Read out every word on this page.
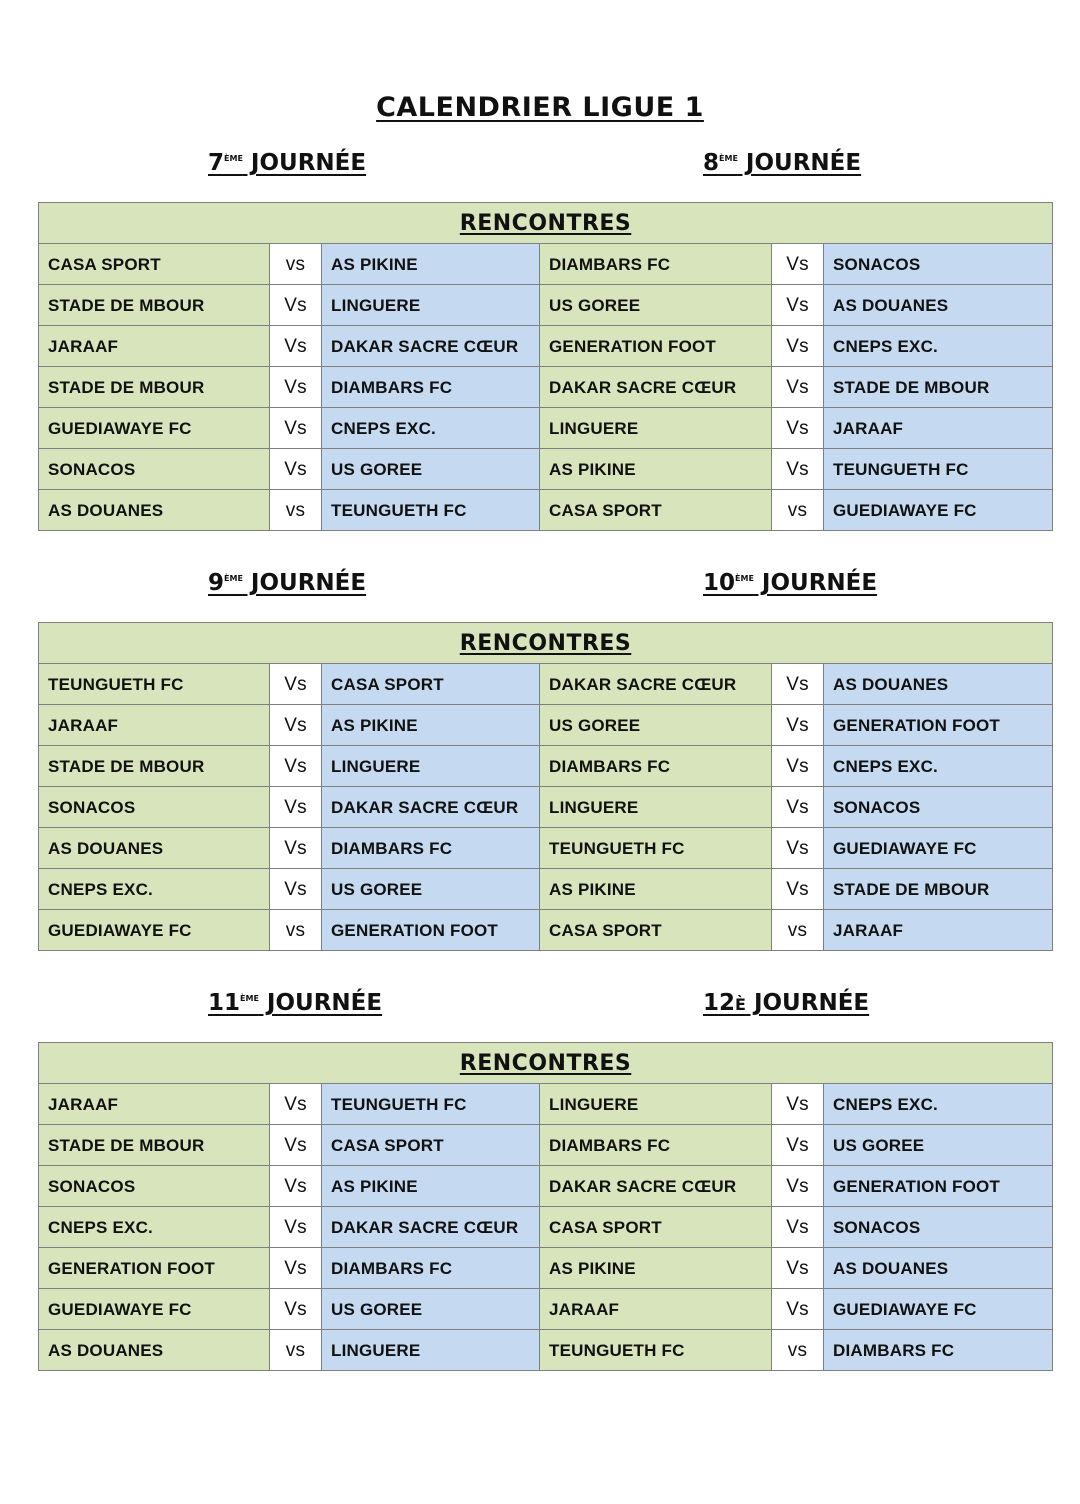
CALENDRIER LIGUE 1
7ème JOURNÉE	8ème JOURNÉE
RENCONTRES					
CASA SPORT	vs	AS PIKINE	DIAMBARS FC	Vs	SONACOS
STADE DE MBOUR	Vs	LINGUERE	US GOREE	Vs	AS DOUANES
JARAAF	Vs	DAKAR SACRE CŒUR	GENERATION FOOT	Vs	CNEPS EXC.
STADE DE MBOUR	Vs	DIAMBARS FC	DAKAR SACRE CŒUR	Vs	STADE DE MBOUR
GUEDIAWAYE FC	Vs	CNEPS EXC.	LINGUERE	Vs	JARAAF
SONACOS	Vs	US GOREE	AS PIKINE	Vs	TEUNGUETH FC
AS DOUANES	vs	TEUNGUETH FC	CASA SPORT	vs	GUEDIAWAYE FC
9ème JOURNÉE	10ème JOURNÉE
RENCONTRES					
TEUNGUETH FC	Vs	CASA SPORT	DAKAR SACRE CŒUR	Vs	AS DOUANES
JARAAF	Vs	AS PIKINE	US GOREE	Vs	GENERATION FOOT
STADE DE MBOUR	Vs	LINGUERE	DIAMBARS FC	Vs	CNEPS EXC.
SONACOS	Vs	DAKAR SACRE CŒUR	LINGUERE	Vs	SONACOS
AS DOUANES	Vs	DIAMBARS FC	TEUNGUETH FC	Vs	GUEDIAWAYE FC
CNEPS EXC.	Vs	US GOREE	AS PIKINE	Vs	STADE DE MBOUR
GUEDIAWAYE FC	vs	GENERATION FOOT	CASA SPORT	vs	JARAAF
11ème JOURNÉE	12è JOURNÉE
RENCONTRES					
JARAAF	Vs	TEUNGUETH FC	LINGUERE	Vs	CNEPS EXC.
STADE DE MBOUR	Vs	CASA SPORT	DIAMBARS FC	Vs	US GOREE
SONACOS	Vs	AS PIKINE	DAKAR SACRE CŒUR	Vs	GENERATION FOOT
CNEPS EXC.	Vs	DAKAR SACRE CŒUR	CASA SPORT	Vs	SONACOS
GENERATION FOOT	Vs	DIAMBARS FC	AS PIKINE	Vs	AS DOUANES
GUEDIAWAYE FC	Vs	US GOREE	JARAAF	Vs	GUEDIAWAYE FC
AS DOUANES	vs	LINGUERE	TEUNGUETH FC	vs	DIAMBARS FC
